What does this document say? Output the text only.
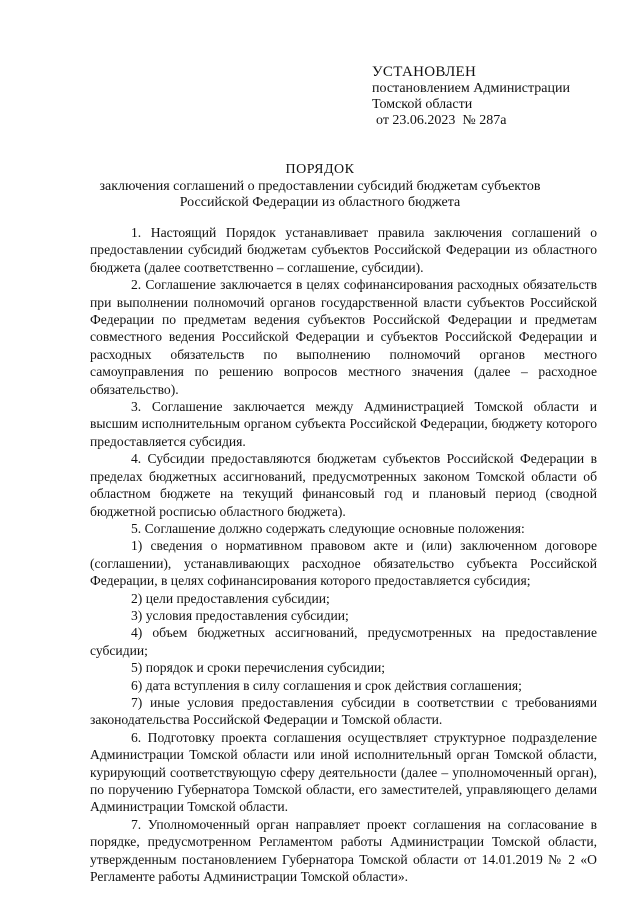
УСТАНОВЛЕН
постановлением Администрации
Томской области
от 23.06.2023  № 287а
ПОРЯДОК
заключения соглашений о предоставлении субсидий бюджетам субъектов
Российской Федерации из областного бюджета

1. Настоящий Порядок устанавливает правила заключения соглашений о предоставлении субсидий бюджетам субъектов Российской Федерации из областного бюджета (далее соответственно – соглашение, субсидии).

2. Соглашение заключается в целях софинансирования расходных обязательств при выполнении полномочий органов государственной власти субъектов Российской Федерации по предметам ведения субъектов Российской Федерации и предметам совместного ведения Российской Федерации и субъектов Российской Федерации и расходных обязательств по выполнению полномочий органов местного самоуправления по решению вопросов местного значения (далее – расходное обязательство).

3. Соглашение заключается между Администрацией Томской области и высшим исполнительным органом субъекта Российской Федерации, бюджету которого предоставляется субсидия.

4. Субсидии предоставляются бюджетам субъектов Российской Федерации в пределах бюджетных ассигнований, предусмотренных законом Томской области об областном бюджете на текущий финансовый год и плановый период (сводной бюджетной росписью областного бюджета).

5. Соглашение должно содержать следующие основные положения:

1) сведения о нормативном правовом акте и (или) заключенном договоре (соглашении), устанавливающих расходное обязательство субъекта Российской Федерации, в целях софинансирования которого предоставляется субсидия;

2) цели предоставления субсидии;

3) условия предоставления субсидии;

4) объем бюджетных ассигнований, предусмотренных на предоставление субсидии;

5) порядок и сроки перечисления субсидии;

6) дата вступления в силу соглашения и срок действия соглашения;

7) иные условия предоставления субсидии в соответствии с требованиями законодательства Российской Федерации и Томской области.

6. Подготовку проекта соглашения осуществляет структурное подразделение Администрации Томской области или иной исполнительный орган Томской области, курирующий соответствующую сферу деятельности (далее – уполномоченный орган), по поручению Губернатора Томской области, его заместителей, управляющего делами Администрации Томской области.

7. Уполномоченный орган направляет проект соглашения на согласование в порядке, предусмотренном Регламентом работы Администрации Томской области, утвержденным постановлением Губернатора Томской области от 14.01.2019 № 2 «О Регламенте работы Администрации Томской области».
